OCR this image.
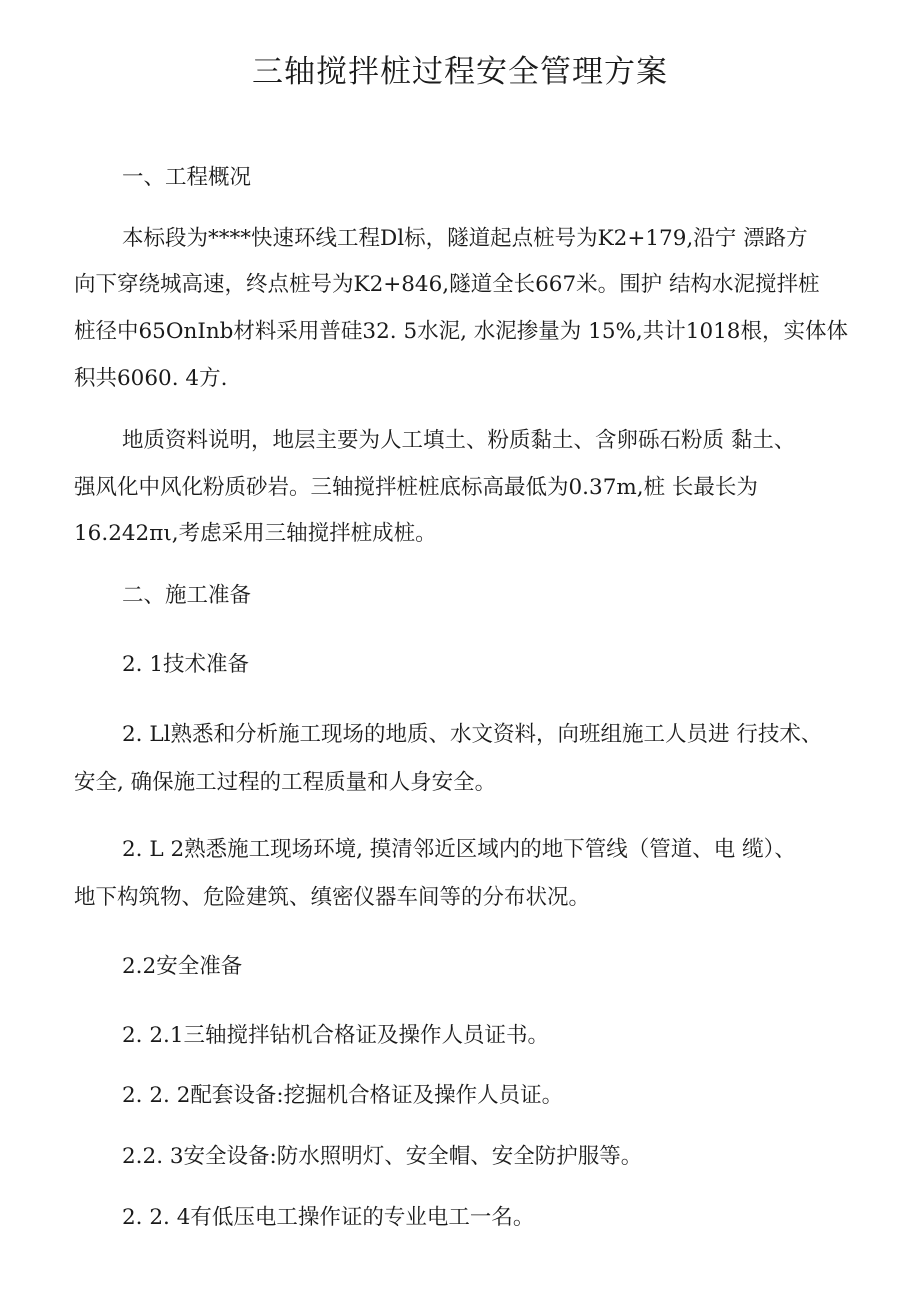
三轴搅拌桩过程安全管理方案

一、工程概况

本标段为****快速环线工程Dl标，隧道起点桩号为K2+179,沿宁 漂路方

向下穿绕城高速，终点桩号为K2+846,隧道全长667米。围护 结构水泥搅拌桩

桩径中65OnInb材料采用普硅32. 5水泥, 水泥掺量为 15%,共计1018根，实体体

积共6060. 4方.

地质资料说明，地层主要为人工填土、粉质黏土、含卵砾石粉质 黏土、

强风化中风化粉质砂岩。三轴搅拌桩桩底标高最低为0.37m,桩 长最长为

16.242πι,考虑采用三轴搅拌桩成桩。

二、施工准备

2. 1技术准备

2. Ll熟悉和分析施工现场的地质、水文资料，向班组施工人员进 行技术、

安全, 确保施工过程的工程质量和人身安全。

2. L 2熟悉施工现场环境, 摸清邻近区域内的地下管线（管道、电 缆）、

地下构筑物、危险建筑、缜密仪器车间等的分布状况。

2.2安全准备

2. 2.1三轴搅拌钻机合格证及操作人员证书。

2. 2. 2配套设备:挖掘机合格证及操作人员证。

2.2. 3安全设备:防水照明灯、安全帽、安全防护服等。

2. 2. 4有低压电工操作证的专业电工一名。
